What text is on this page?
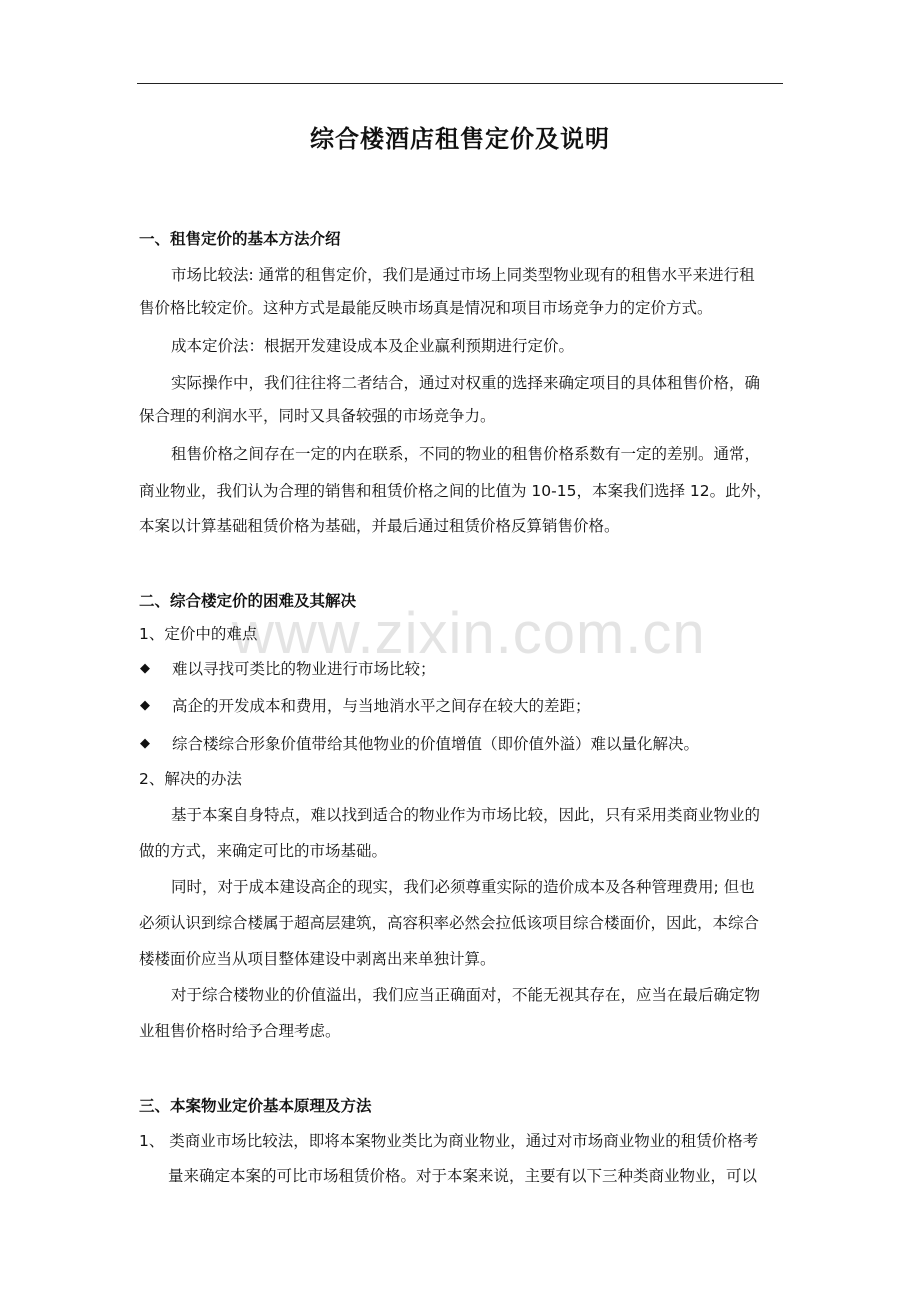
www.zixin.com.cn
综合楼酒店租售定价及说明
一、租售定价的基本方法介绍
市场比较法: 通常的租售定价，我们是通过市场上同类型物业现有的租售水平来进行租
售价格比较定价。这种方式是最能反映市场真是情况和项目市场竞争力的定价方式。
成本定价法：根据开发建设成本及企业赢利预期进行定价。
实际操作中，我们往往将二者结合，通过对权重的选择来确定项目的具体租售价格，确
保合理的利润水平，同时又具备较强的市场竞争力。
租售价格之间存在一定的内在联系，不同的物业的租售价格系数有一定的差别。通常，
商业物业，我们认为合理的销售和租赁价格之间的比值为 10-15，本案我们选择 12。此外，
本案以计算基础租赁价格为基础，并最后通过租赁价格反算销售价格。
二、综合楼定价的困难及其解决
1、定价中的难点
◆ 难以寻找可类比的物业进行市场比较；
◆ 高企的开发成本和费用，与当地消水平之间存在较大的差距；
◆ 综合楼综合形象价值带给其他物业的价值增值（即价值外溢）难以量化解决。
2、解决的办法
基于本案自身特点，难以找到适合的物业作为市场比较，因此，只有采用类商业物业的
做的方式，来确定可比的市场基础。
同时，对于成本建设高企的现实，我们必须尊重实际的造价成本及各种管理费用; 但也
必须认识到综合楼属于超高层建筑，高容积率必然会拉低该项目综合楼面价，因此，本综合
楼楼面价应当从项目整体建设中剥离出来单独计算。
对于综合楼物业的价值溢出，我们应当正确面对，不能无视其存在，应当在最后确定物
业租售价格时给予合理考虑。
三、本案物业定价基本原理及方法
1、 类商业市场比较法，即将本案物业类比为商业物业，通过对市场商业物业的租赁价格考
量来确定本案的可比市场租赁价格。对于本案来说，主要有以下三种类商业物业，可以
